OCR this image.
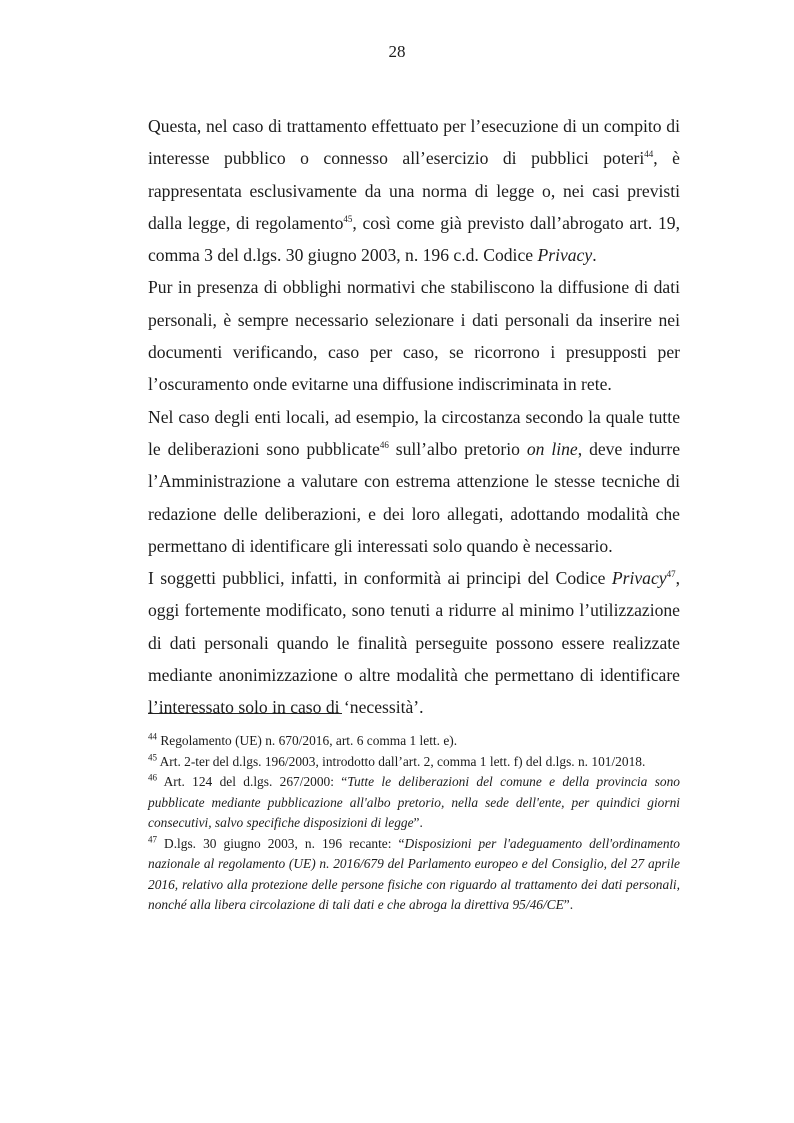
28

Questa, nel caso di trattamento effettuato per l’esecuzione di un compito di interesse pubblico o connesso all’esercizio di pubblici poteri$^{44}$, è rappresentata esclusivamente da una norma di legge o, nei casi previsti dalla legge, di regolamento$^{45}$, così come già previsto dall’abrogato art. 19, comma 3 del d.lgs. 30 giugno 2003, n. 196 c.d. Codice Privacy.

Pur in presenza di obblighi normativi che stabiliscono la diffusione di dati personali, è sempre necessario selezionare i dati personali da inserire nei documenti verificando, caso per caso, se ricorrono i presupposti per l’oscuramento onde evitarne una diffusione indiscriminata in rete.

Nel caso degli enti locali, ad esempio, la circostanza secondo la quale tutte le deliberazioni sono pubblicate$^{46}$ sull’albo pretorio on line, deve indurre l’Amministrazione a valutare con estrema attenzione le stesse tecniche di redazione delle deliberazioni, e dei loro allegati, adottando modalità che permettano di identificare gli interessati solo quando è necessario.

I soggetti pubblici, infatti, in conformità ai principi del Codice Privacy$^{47}$, oggi fortemente modificato, sono tenuti a ridurre al minimo l’utilizzazione di dati personali quando le finalità perseguite possono essere realizzate mediante anonimizzazione o altre modalità che permettano di identificare l’interessato solo in caso di ‘necessità’.

$^{44}$ Regolamento (UE) n. 670/2016, art. 6 comma 1 lett. e).

$^{45}$ Art. 2-ter del d.lgs. 196/2003, introdotto dall’art. 2, comma 1 lett. f) del d.lgs. n. 101/2018.

$^{46}$ Art. 124 del d.lgs. 267/2000: “Tutte le deliberazioni del comune e della provincia sono pubblicate mediante pubblicazione all'albo pretorio, nella sede dell'ente, per quindici giorni consecutivi, salvo specifiche disposizioni di legge”.

$^{47}$ D.lgs. 30 giugno 2003, n. 196 recante: “Disposizioni per l'adeguamento dell'ordinamento nazionale al regolamento (UE) n. 2016/679 del Parlamento europeo e del Consiglio, del 27 aprile 2016, relativo alla protezione delle persone fisiche con riguardo al trattamento dei dati personali, nonché alla libera circolazione di tali dati e che abroga la direttiva 95/46/CE”.
